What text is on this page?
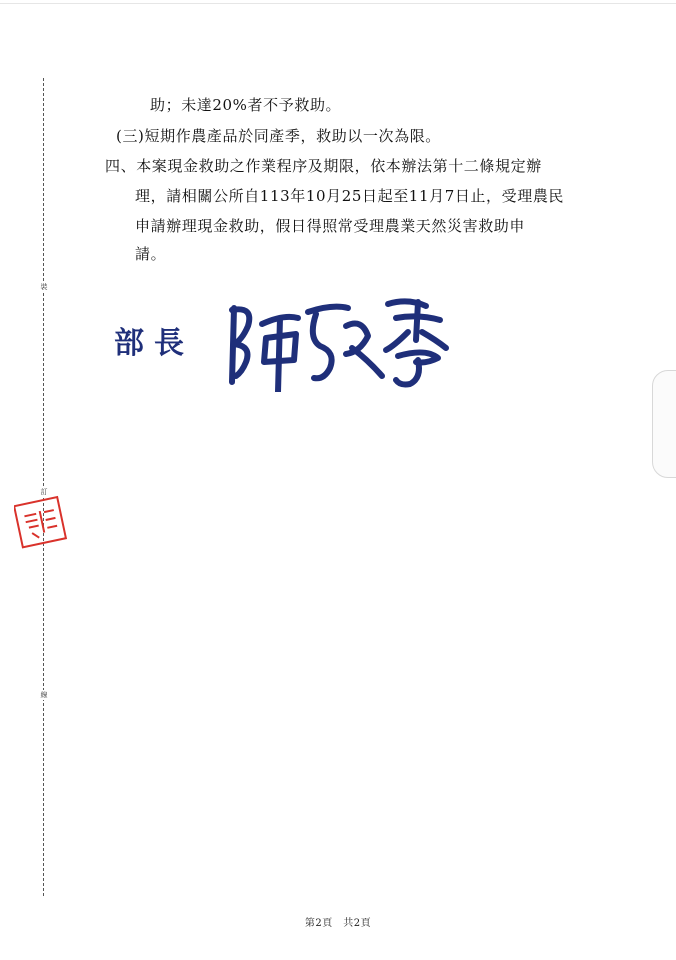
裝
訂
線
助；未達20%者不予救助。
(三)短期作農產品於同產季，救助以一次為限。
四、本案現金救助之作業程序及期限，依本辦法第十二條規定辦
理，請相關公所自113年10月25日起至11月7日止，受理農民
申請辦理現金救助，假日得照常受理農業天然災害救助申
請。
部長
第2頁　共2頁
